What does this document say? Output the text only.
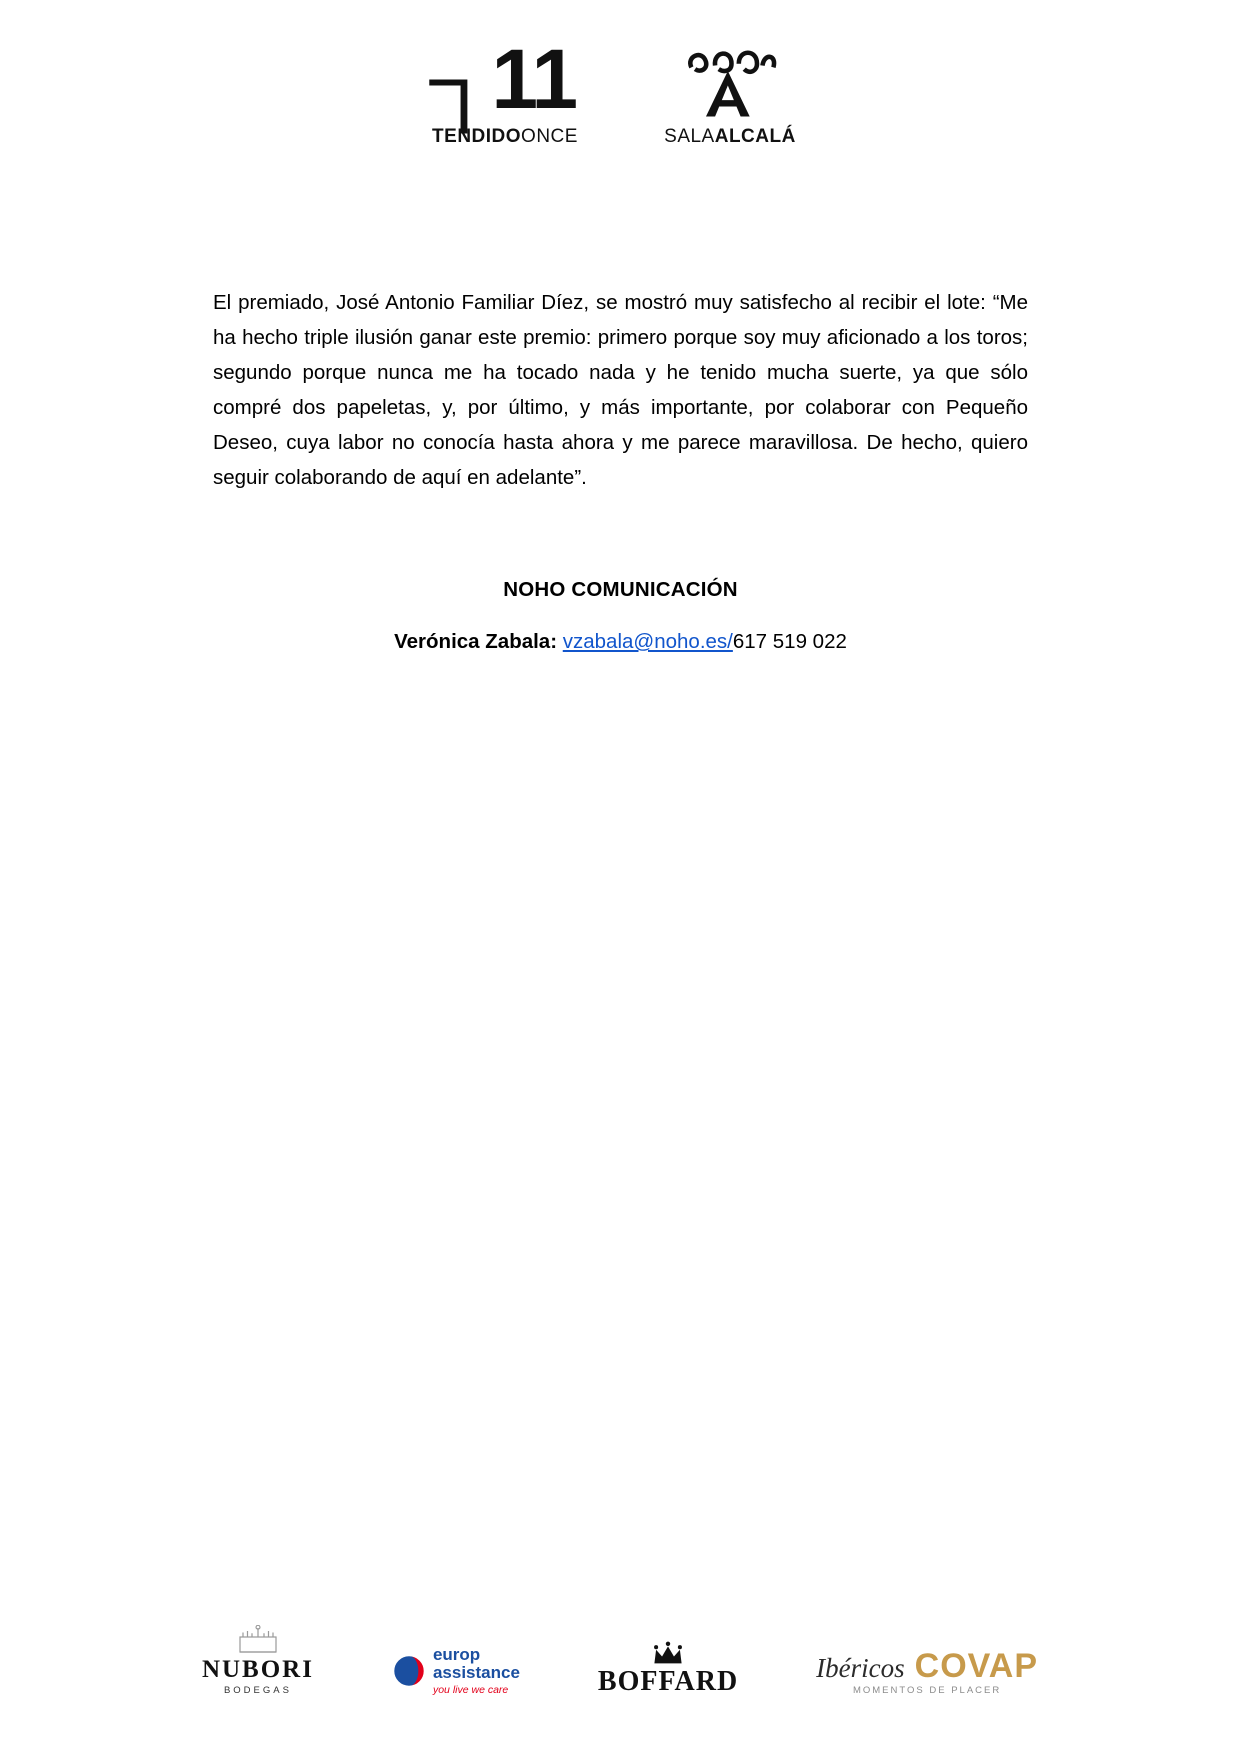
┐11
TENDIDOONCE	SALAALCALÁ
El premiado, José Antonio Familiar Díez, se mostró muy satisfecho al recibir el lote: “Me ha hecho triple ilusión ganar este premio: primero porque soy muy aficionado a los toros; segundo porque nunca me ha tocado nada y he tenido mucha suerte, ya que sólo compré dos papeletas, y, por último, y más importante, por colaborar con Pequeño Deseo, cuya labor no conocía hasta ahora y me parece maravillosa. De hecho, quiero seguir colaborando de aquí en adelante”.
NOHO COMUNICACIÓN
Verónica Zabala: vzabala@noho.es/617 519 022
NUBORI
BODEGAS
europ
assistance
you live we care	BOFFARD	Ibéricos COVAP
MOMENTOS DE PLACER
